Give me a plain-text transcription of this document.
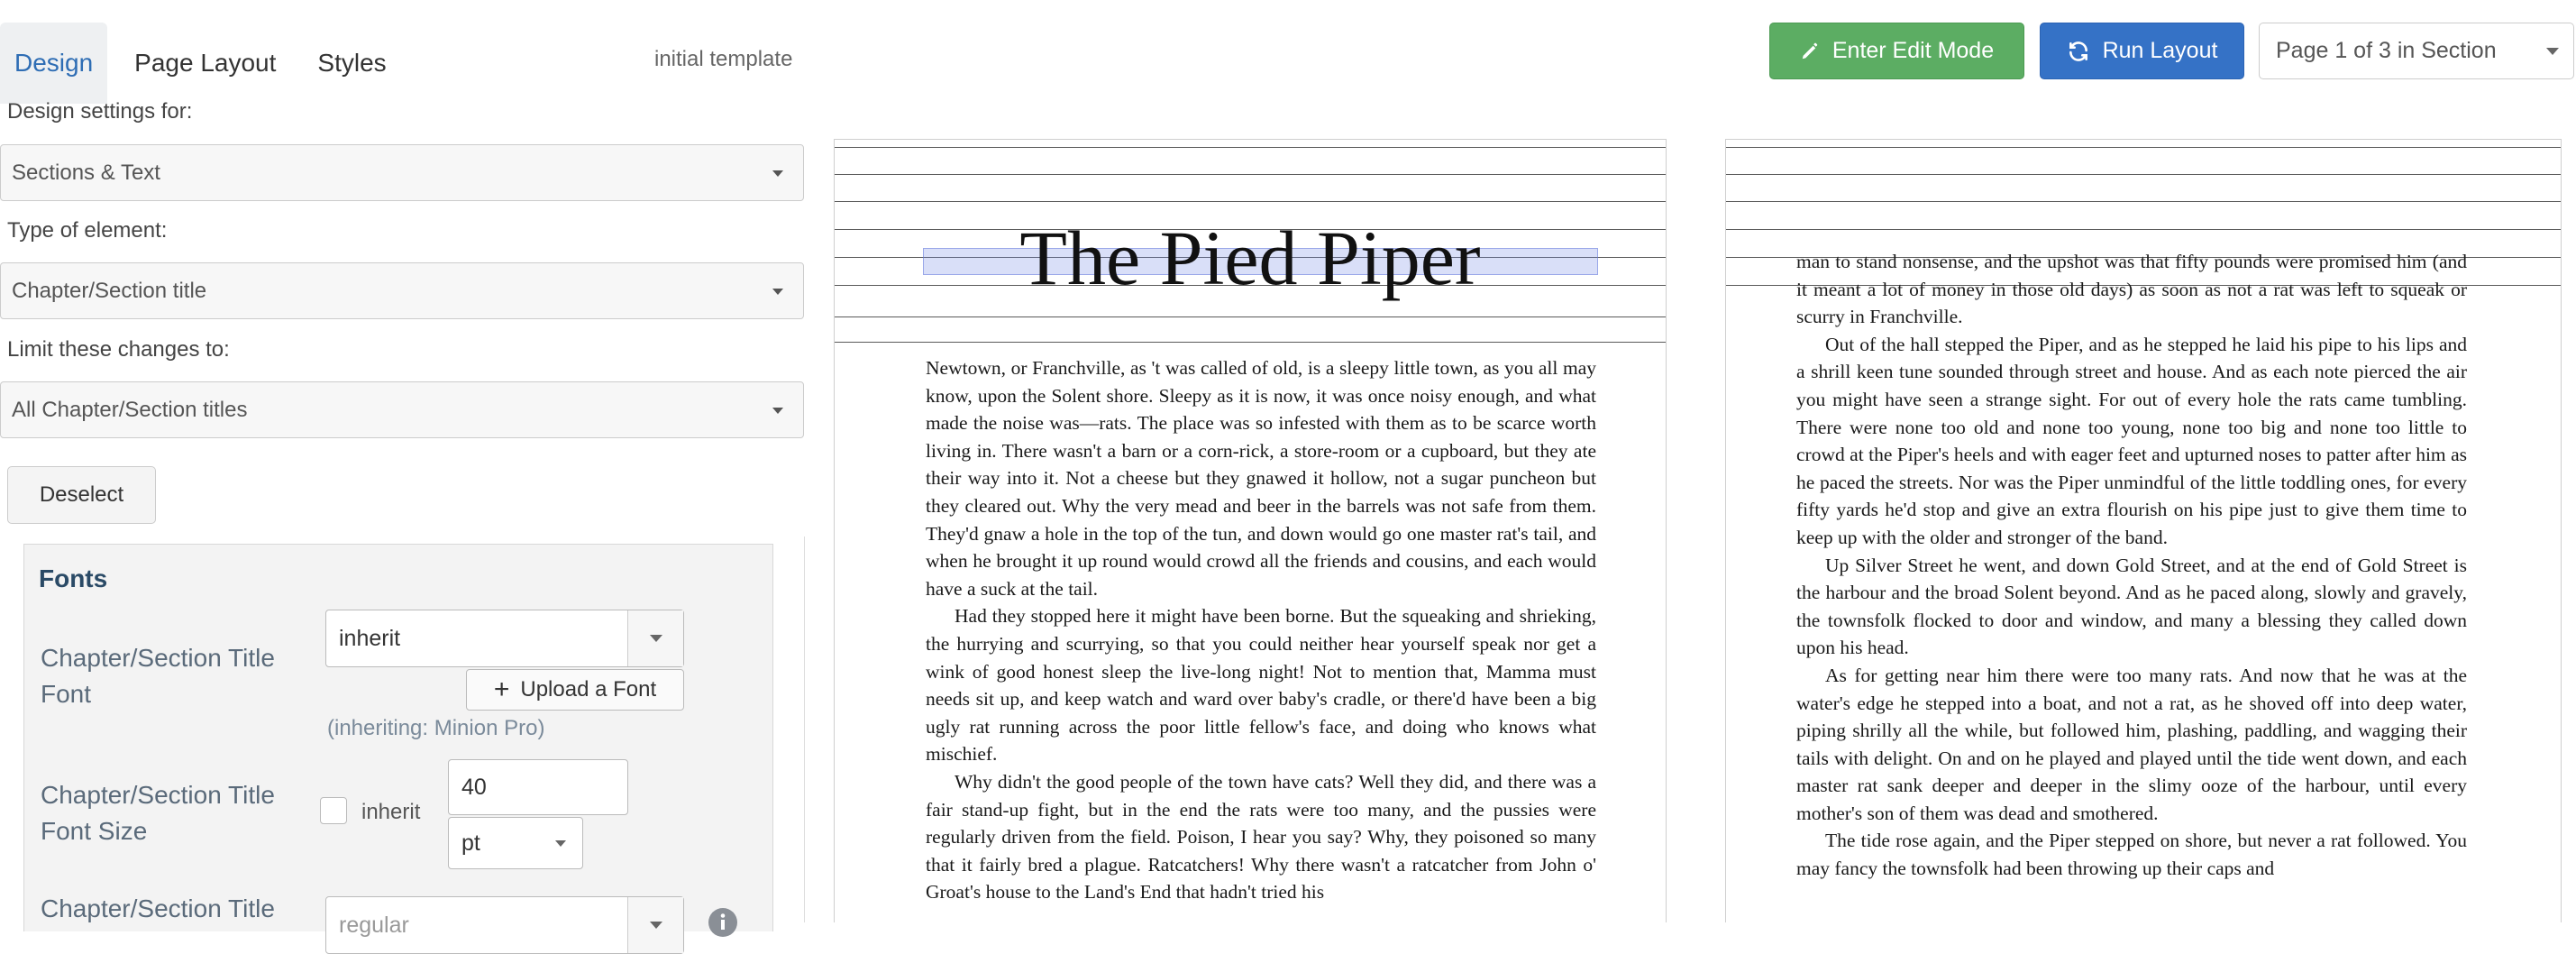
Design	Page Layout	Styles	initial template	Enter Edit Mode	Run Layout	Page 1 of 3 in Section
Design settings for:
Sections & Text
Type of element:
Chapter/Section title
Limit these changes to:
All Chapter/Section titles
Deselect
Fonts
Chapter/Section Title Font
inherit
+ Upload a Font
(inheriting: Minion Pro)
Chapter/Section Title Font Size
inherit
40
pt
Chapter/Section Title
regular
The Pied Piper

Newtown, or Franchville, as 't was called of old, is a sleepy little town, as you all may know, upon the Solent shore. Sleepy as it is now, it was once noisy enough, and what made the noise was—rats. The place was so infested with them as to be scarce worth living in. There wasn't a barn or a corn-rick, a store-room or a cupboard, but they ate their way into it. Not a cheese but they gnawed it hollow, not a sugar puncheon but they cleared out. Why the very mead and beer in the barrels was not safe from them. They'd gnaw a hole in the top of the tun, and down would go one master rat's tail, and when he brought it up round would crowd all the friends and cousins, and each would have a suck at the tail.

Had they stopped here it might have been borne. But the squeaking and shrieking, the hurrying and scurrying, so that you could neither hear yourself speak nor get a wink of good honest sleep the live-long night! Not to mention that, Mamma must needs sit up, and keep watch and ward over baby's cradle, or there'd have been a big ugly rat running across the poor little fellow's face, and doing who knows what mischief.

Why didn't the good people of the town have cats? Well they did, and there was a fair stand-up fight, but in the end the rats were too many, and the pussies were regularly driven from the field. Poison, I hear you say? Why, they poisoned so many that it fairly bred a plague. Ratcatchers! Why there wasn't a ratcatcher from John o' Groat's house to the Land's End that hadn't tried his

man to stand nonsense, and the upshot was that fifty pounds were promised him (and it meant a lot of money in those old days) as soon as not a rat was left to squeak or scurry in Franchville.

Out of the hall stepped the Piper, and as he stepped he laid his pipe to his lips and a shrill keen tune sounded through street and house. And as each note pierced the air you might have seen a strange sight. For out of every hole the rats came tumbling. There were none too old and none too young, none too big and none too little to crowd at the Piper's heels and with eager feet and upturned noses to patter after him as he paced the streets. Nor was the Piper unmindful of the little toddling ones, for every fifty yards he'd stop and give an extra flourish on his pipe just to give them time to keep up with the older and stronger of the band.

Up Silver Street he went, and down Gold Street, and at the end of Gold Street is the harbour and the broad Solent beyond. And as he paced along, slowly and gravely, the townsfolk flocked to door and window, and many a blessing they called down upon his head.

As for getting near him there were too many rats. And now that he was at the water's edge he stepped into a boat, and not a rat, as he shoved off into deep water, piping shrilly all the while, but followed him, plashing, paddling, and wagging their tails with delight. On and on he played and played until the tide went down, and each master rat sank deeper and deeper in the slimy ooze of the harbour, until every mother's son of them was dead and smothered.

The tide rose again, and the Piper stepped on shore, but never a rat followed. You may fancy the townsfolk had been throwing up their caps and
